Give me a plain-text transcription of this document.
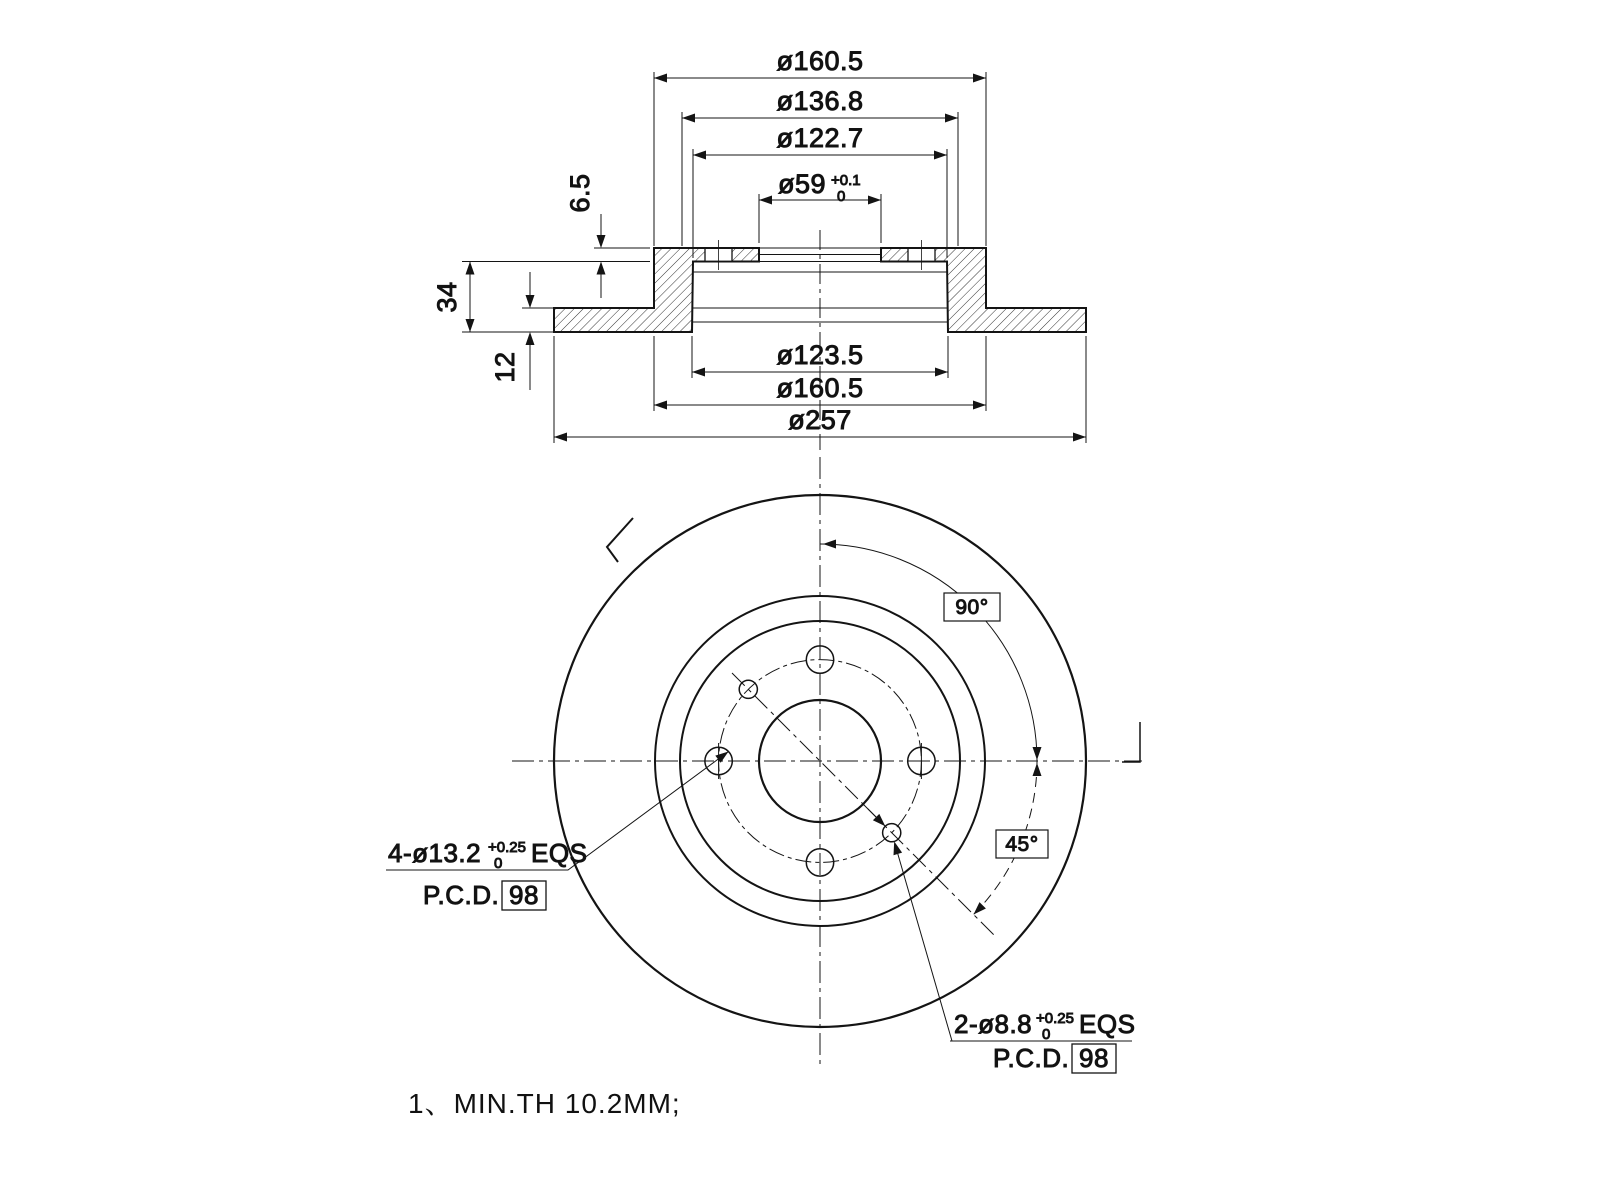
ø160.5
ø136.8
ø122.7
ø59 +0.1
0
6.5
34
12	ø123.5
ø160.5
ø257
90°
45°
4-ø13.2 +0.25
0 EQS
P.C.D. 98
2-ø8.8 +0.25
0 EQS
P.C.D. 98
1、MIN.TH 10.2MM;
